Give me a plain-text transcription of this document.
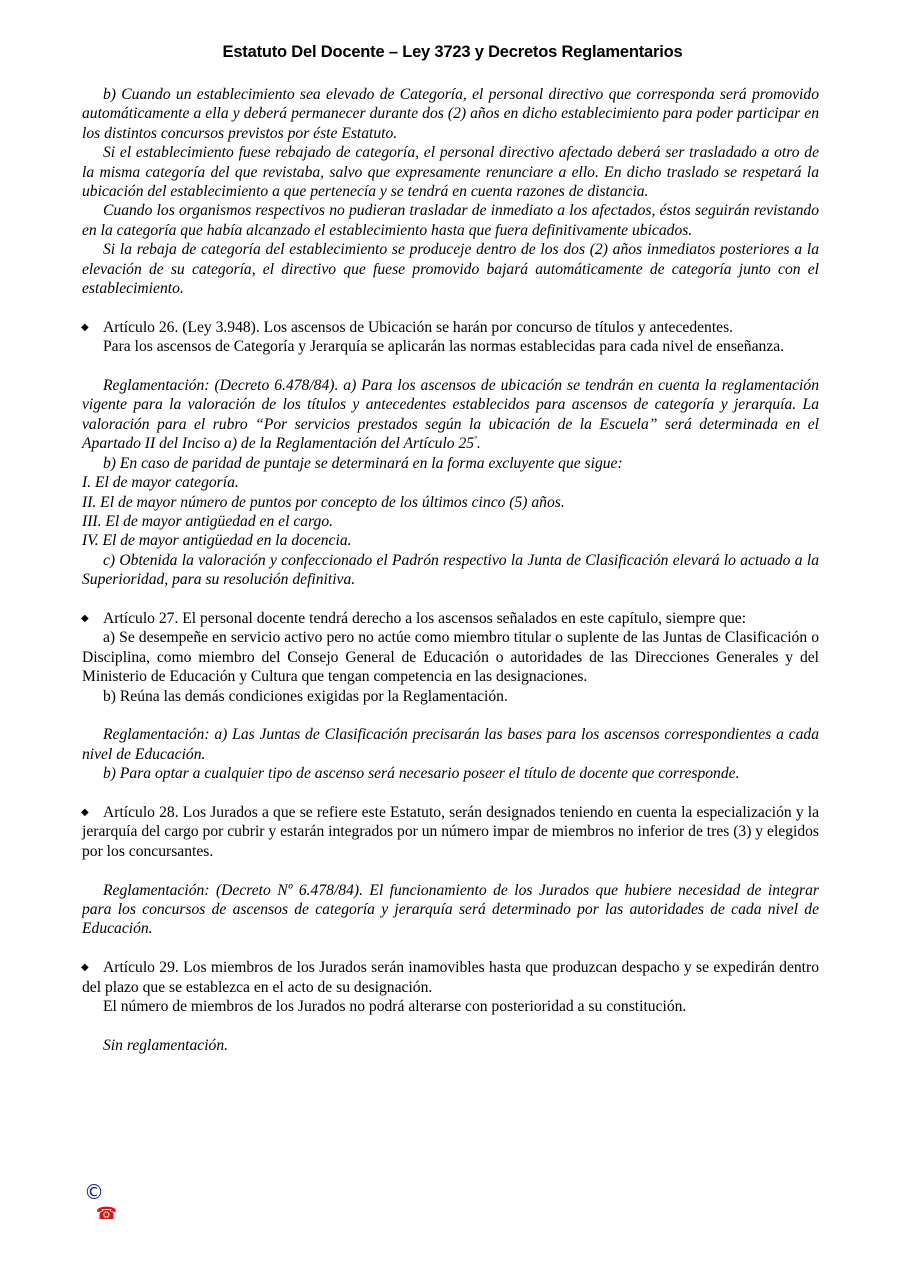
Estatuto Del Docente – Ley 3723 y Decretos Reglamentarios

b) Cuando un establecimiento sea elevado de Categoría, el personal directivo que corresponda será promovido automáticamente a ella y deberá permanecer durante dos (2) años en dicho establecimiento para poder participar en los distintos concursos previstos por éste Estatuto.

Si el establecimiento fuese rebajado de categoría, el personal directivo afectado deberá ser trasladado a otro de la misma categoría del que revistaba, salvo que expresamente renunciare a ello. En dicho traslado se respetará la ubicación del establecimiento a que pertenecía y se tendrá en cuenta razones de distancia.

Cuando los organismos respectivos no pudieran trasladar de inmediato a los afectados, éstos seguirán revistando en la categoría que había alcanzado el establecimiento hasta que fuera definitivamente ubicados.

Si la rebaja de categoría del establecimiento se produceje dentro de los dos (2) años inmediatos posteriores a la elevación de su categoría, el directivo que fuese promovido bajará automáticamente de categoría junto con el establecimiento.

◆ Artículo 26. (Ley 3.948). Los ascensos de Ubicación se harán por concurso de títulos y antecedentes.

Para los ascensos de Categoría y Jerarquía se aplicarán las normas establecidas para cada nivel de enseñanza.

Reglamentación: (Decreto 6.478/84). a) Para los ascensos de ubicación se tendrán en cuenta la reglamentación vigente para la valoración de los títulos y antecedentes establecidos para ascensos de categoría y jerarquía. La valoración para el rubro “Por servicios prestados según la ubicación de la Escuela” será determinada en el Apartado II del Inciso a) de la Reglamentación del Artículo $25^º$.

b) En caso de paridad de puntaje se determinará en la forma excluyente que sigue:

I. El de mayor categoría.

II. El de mayor número de puntos por concepto de los últimos cinco (5) años.

III. El de mayor antigüedad en el cargo.

IV. El de mayor antigüedad en la docencia.

c) Obtenida la valoración y confeccionado el Padrón respectivo la Junta de Clasificación elevará lo actuado a la Superioridad, para su resolución definitiva.

◆ Artículo 27. El personal docente tendrá derecho a los ascensos señalados en este capítulo, siempre que:

a) Se desempeñe en servicio activo pero no actúe como miembro titular o suplente de las Juntas de Clasificación o Disciplina, como miembro del Consejo General de Educación o autoridades de las Direcciones Generales y del Ministerio de Educación y Cultura que tengan competencia en las designaciones.

b) Reúna las demás condiciones exigidas por la Reglamentación.

Reglamentación: a) Las Juntas de Clasificación precisarán las bases para los ascensos correspondientes a cada nivel de Educación.

b) Para optar a cualquier tipo de ascenso será necesario poseer el título de docente que corresponde.

◆ Artículo 28. Los Jurados a que se refiere este Estatuto, serán designados teniendo en cuenta la especialización y la jerarquía del cargo por cubrir y estarán integrados por un número impar de miembros no inferior de tres (3) y elegidos por los concursantes.

Reglamentación: (Decreto Nº 6.478/84). El funcionamiento de los Jurados que hubiere necesidad de integrar para los concursos de ascensos de categoría y jerarquía será determinado por las autoridades de cada nivel de Educación.

◆ Artículo 29. Los miembros de los Jurados serán inamovibles hasta que produzcan despacho y se expedirán dentro del plazo que se establezca en el acto de su designación.

El número de miembros de los Jurados no podrá alterarse con posterioridad a su constitución.

Sin reglamentación.

©
☎
